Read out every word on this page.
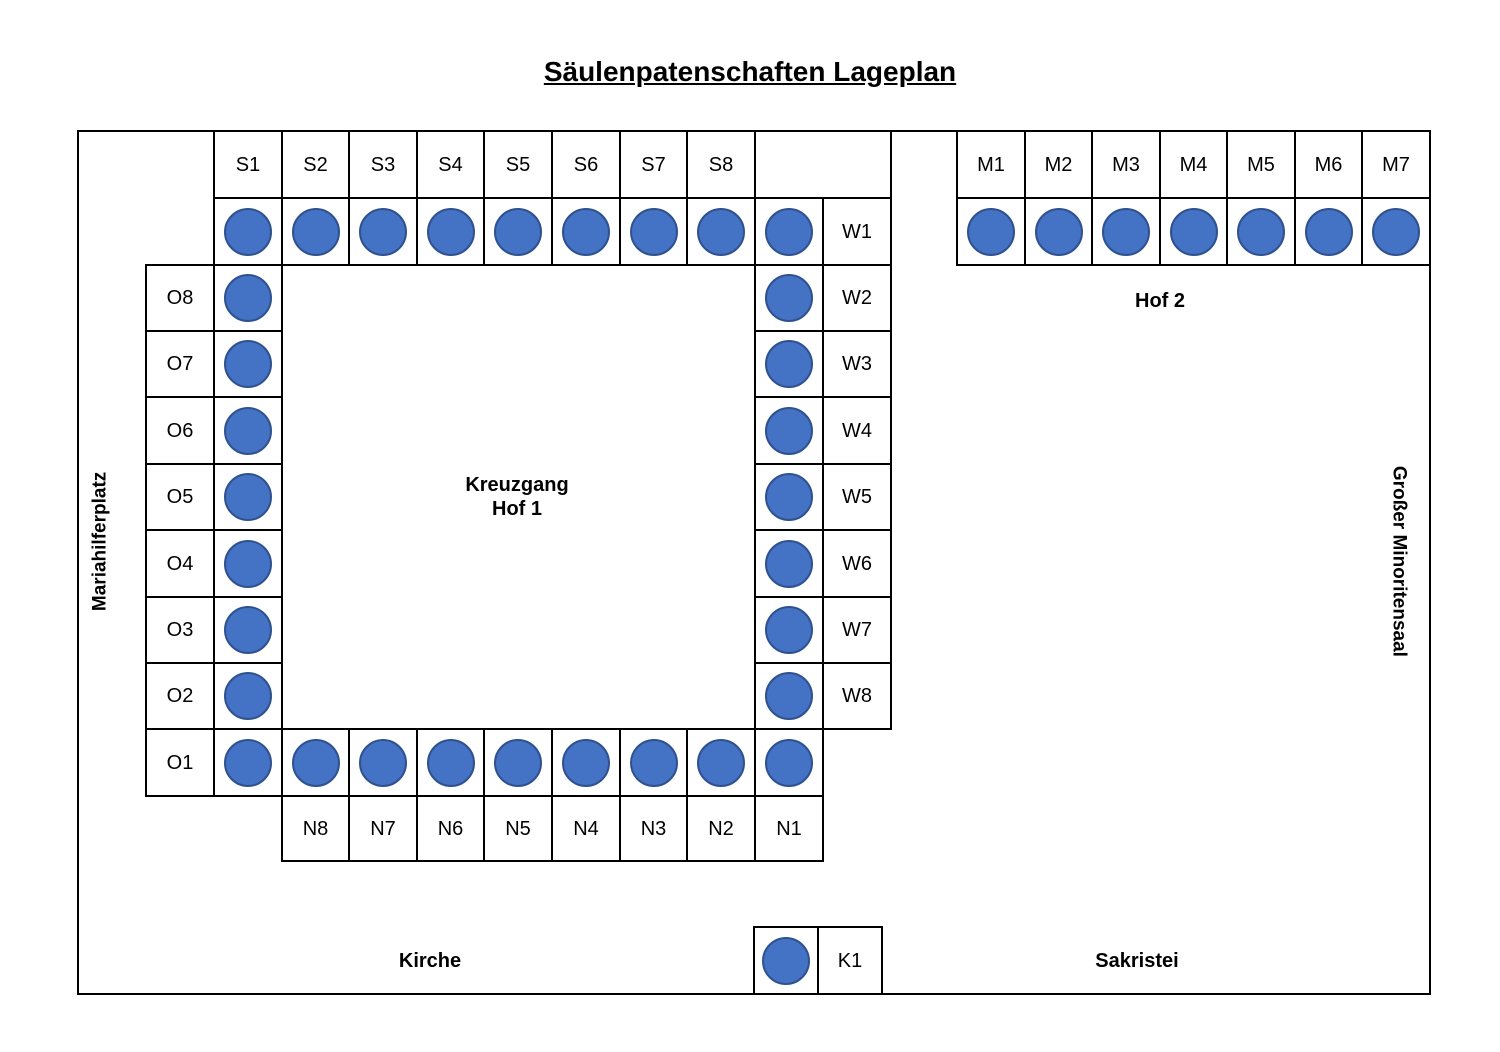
Säulenpatenschaften Lageplan
Mariahilferplatz	Großer Minoritensaal
Kreuzgang
Hof 1
Hof 2
Kirche	Sakristei
S1 S2 S3 S4 S5 S6 S7 S8
W1
O8
O7
O6
O5
O4
O3
O2
W2
W3
W4
W5
W6
W7
W8
O1
N8 N7 N6 N5 N4 N3 N2 N1
M1 M2 M3 M4 M5 M6 M7
K1
